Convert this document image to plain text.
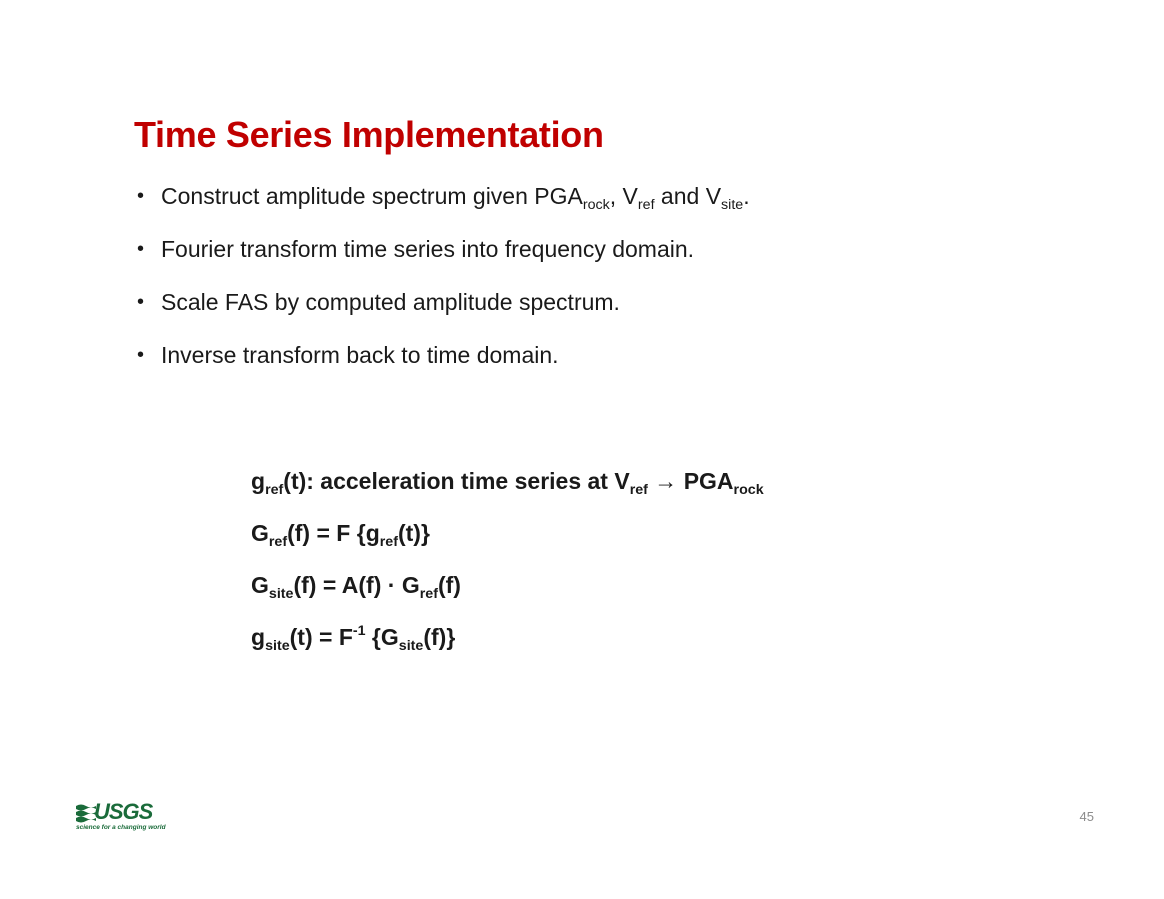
Time Series Implementation
• Construct amplitude spectrum given $PGA_{rock}$, $V_{ref}$ and $V_{site}$.
• Fourier transform time series into frequency domain.
• Scale FAS by computed amplitude spectrum.
• Inverse transform back to time domain.
$g_{ref}(t)$: acceleration time series at $V_{ref} \to PGA_{rock}$
$G_{ref}(f) = F$ $\{g_{ref}(t)\}$
$G_{site}(f) = A(f) \cdot G_{ref}(f)$
$g_{site}(t) = F^{-1}$ $\{G_{site}(f)\}$
USGS
science for a changing world
45
